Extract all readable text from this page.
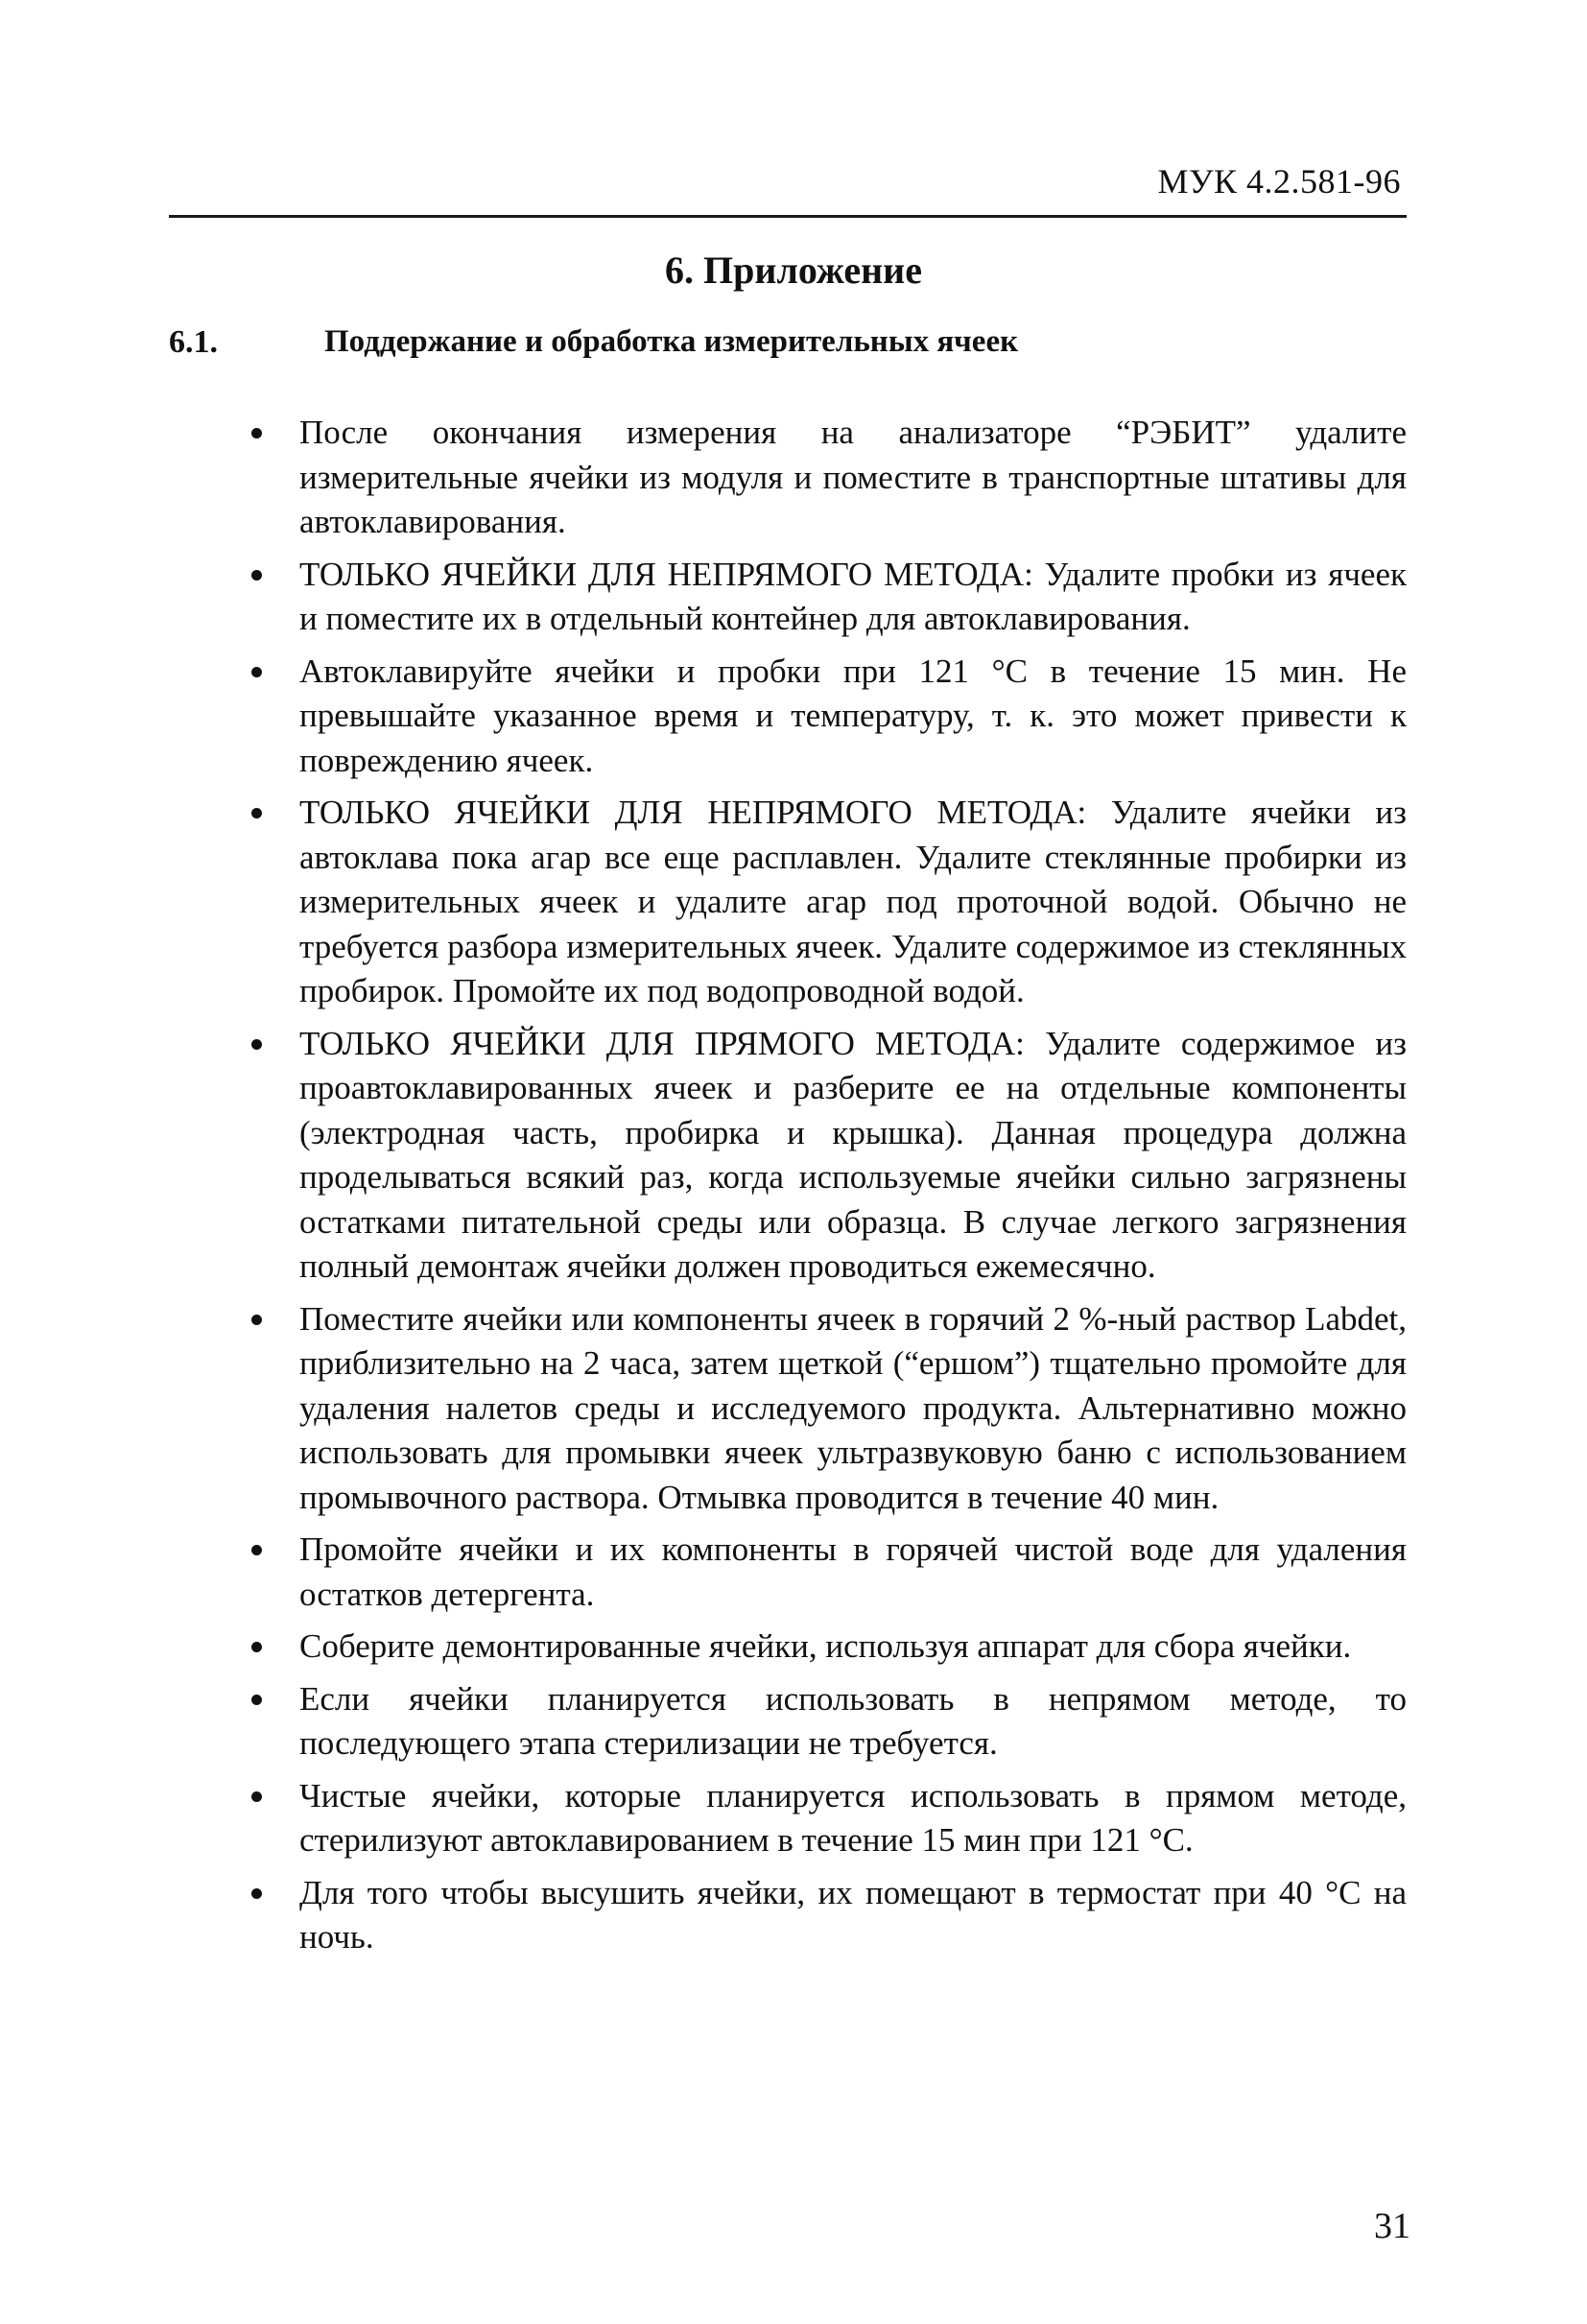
МУК 4.2.581-96
6. Приложение
6.1.	Поддержание и обработка измерительных ячеек
После окончания измерения на анализаторе “РЭБИТ” удалите измерительные ячейки из модуля и поместите в транспортные штативы для автоклавирования.
ТОЛЬКО ЯЧЕЙКИ ДЛЯ НЕПРЯМОГО МЕТОДА: Удалите пробки из ячеек и поместите их в отдельный контейнер для автоклавирования.
Автоклавируйте ячейки и пробки при 121 °С в течение 15 мин. Не превышайте указанное время и температуру, т. к. это может привести к повреждению ячеек.
ТОЛЬКО ЯЧЕЙКИ ДЛЯ НЕПРЯМОГО МЕТОДА: Удалите ячейки из автоклава пока агар все еще расплавлен. Удалите стеклянные пробирки из измерительных ячеек и удалите агар под проточной водой. Обычно не требуется разбора измерительных ячеек. Удалите содержимое из стеклянных пробирок. Промойте их под водопроводной водой.
ТОЛЬКО ЯЧЕЙКИ ДЛЯ ПРЯМОГО МЕТОДА: Удалите содержимое из проавтоклавированных ячеек и разберите ее на отдельные компоненты (электродная часть, пробирка и крышка). Данная процедура должна проделываться всякий раз, когда используемые ячейки сильно загрязнены остатками питательной среды или образца. В случае легкого загрязнения полный демонтаж ячейки должен проводиться ежемесячно.
Поместите ячейки или компоненты ячеек в горячий 2 %-ный раствор Labdet, приблизительно на 2 часа, затем щеткой (“ершом”) тщательно промойте для удаления налетов среды и исследуемого продукта. Альтернативно можно использовать для промывки ячеек ультразвуковую баню с использованием промывочного раствора. Отмывка проводится в течение 40 мин.
Промойте ячейки и их компоненты в горячей чистой воде для удаления остатков детергента.
Соберите демонтированные ячейки, используя аппарат для сбора ячейки.
Если ячейки планируется использовать в непрямом методе, то последующего этапа стерилизации не требуется.
Чистые ячейки, которые планируется использовать в прямом методе, стерилизуют автоклавированием в течение 15 мин при 121 °С.
Для того чтобы высушить ячейки, их помещают в термостат при 40 °С на ночь.
31
